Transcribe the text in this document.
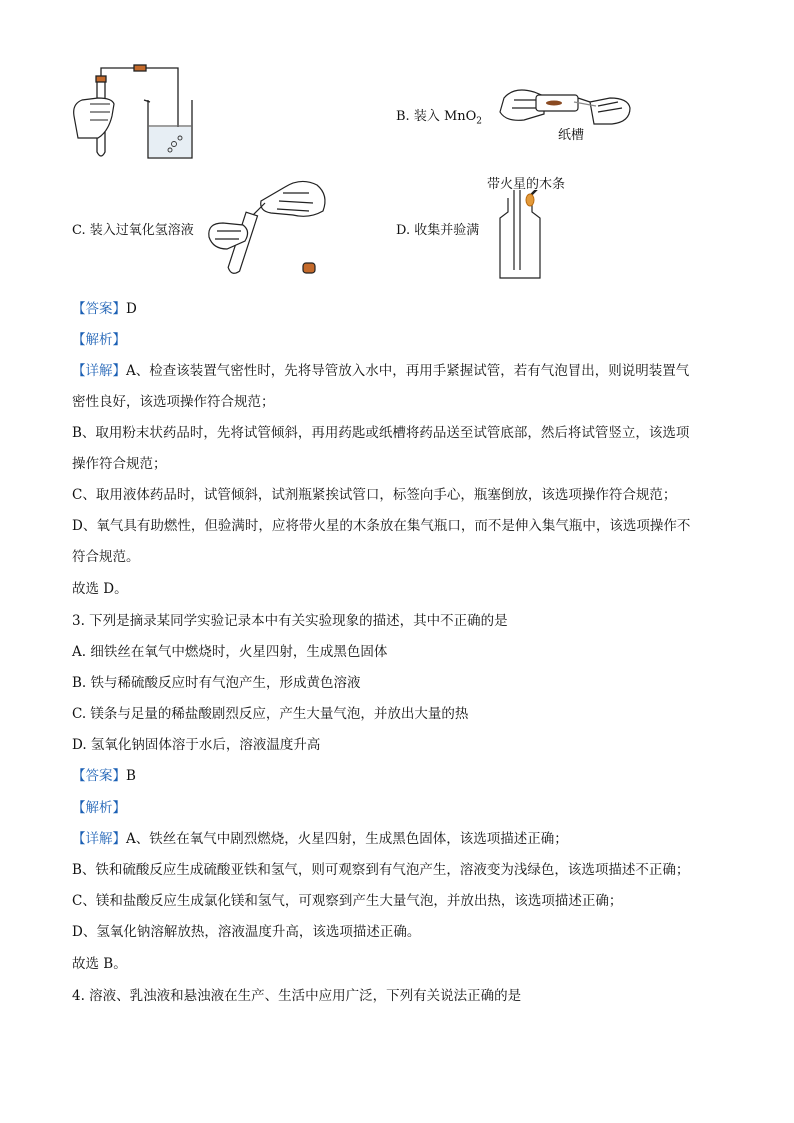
B. 装入 MnO$_2$
纸槽
带火星的木条
C. 装入过氧化氢溶液	D. 收集并验满
【答案】D
【解析】
【详解】A、检查该装置气密性时，先将导管放入水中，再用手紧握试管，若有气泡冒出，则说明装置气
密性良好，该选项操作符合规范；
B、取用粉末状药品时，先将试管倾斜，再用药匙或纸槽将药品送至试管底部，然后将试管竖立，该选项
操作符合规范；
C、取用液体药品时，试管倾斜，试剂瓶紧挨试管口，标签向手心，瓶塞倒放，该选项操作符合规范；
D、氧气具有助燃性，但验满时，应将带火星的木条放在集气瓶口，而不是伸入集气瓶中，该选项操作不
符合规范。
故选 D。
3. 下列是摘录某同学实验记录本中有关实验现象的描述，其中不正确的是
A. 细铁丝在氧气中燃烧时，火星四射，生成黑色固体
B. 铁与稀硫酸反应时有气泡产生，形成黄色溶液
C. 镁条与足量的稀盐酸剧烈反应，产生大量气泡，并放出大量的热
D. 氢氧化钠固体溶于水后，溶液温度升高
【答案】B
【解析】
【详解】A、铁丝在氧气中剧烈燃烧，火星四射，生成黑色固体，该选项描述正确；
B、铁和硫酸反应生成硫酸亚铁和氢气，则可观察到有气泡产生，溶液变为浅绿色，该选项描述不正确；
C、镁和盐酸反应生成氯化镁和氢气，可观察到产生大量气泡，并放出热，该选项描述正确；
D、氢氧化钠溶解放热，溶液温度升高，该选项描述正确。
故选 B。
4. 溶液、乳浊液和悬浊液在生产、生活中应用广泛，下列有关说法正确的是
